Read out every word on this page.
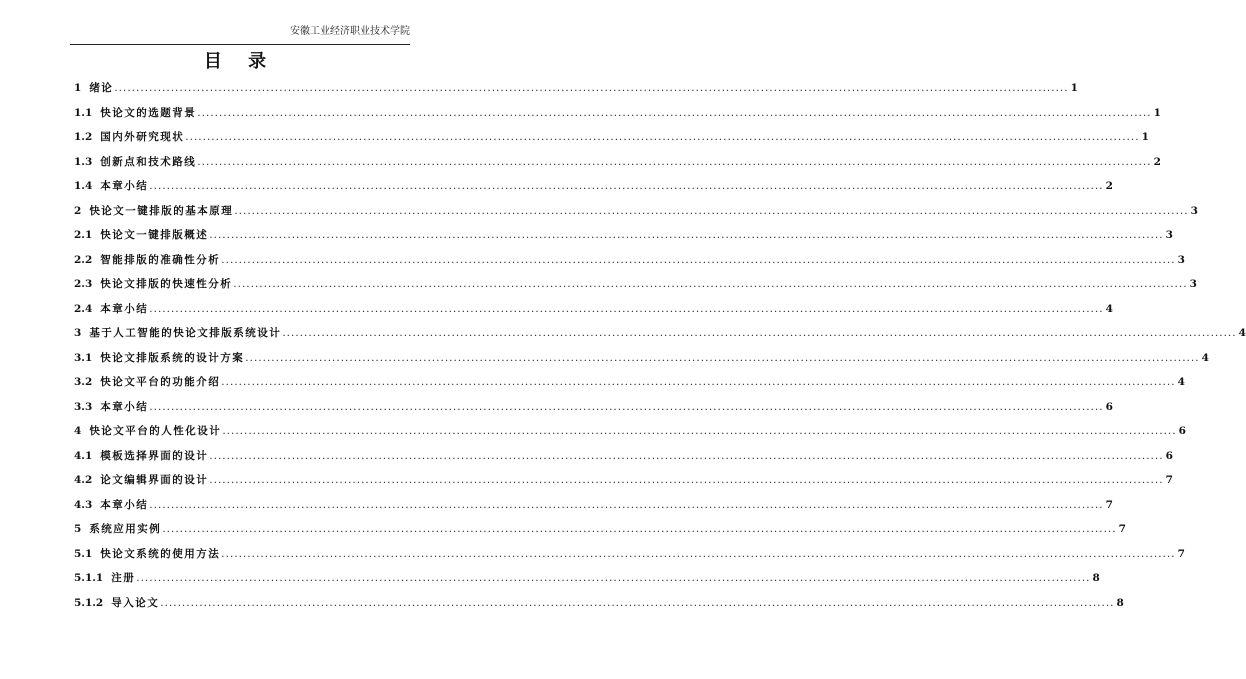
安徽工业经济职业技术学院
目 录
1 绪论 ............................................................................................................................................................................................................................ 1
1.1 快论文的选题背景 ............................................................................................................................................................................................................................ 1
1.2 国内外研究现状 ............................................................................................................................................................................................................................ 1
1.3 创新点和技术路线 ............................................................................................................................................................................................................................ 2
1.4 本章小结 ............................................................................................................................................................................................................................ 2
2 快论文一键排版的基本原理 ............................................................................................................................................................................................................................ 3
2.1 快论文一键排版概述 ............................................................................................................................................................................................................................ 3
2.2 智能排版的准确性分析 ............................................................................................................................................................................................................................ 3
2.3 快论文排版的快速性分析 ............................................................................................................................................................................................................................ 3
2.4 本章小结 ............................................................................................................................................................................................................................ 4
3 基于人工智能的快论文排版系统设计 ............................................................................................................................................................................................................................ 4
3.1 快论文排版系统的设计方案 ............................................................................................................................................................................................................................ 4
3.2 快论文平台的功能介绍 ............................................................................................................................................................................................................................ 4
3.3 本章小结 ............................................................................................................................................................................................................................ 6
4 快论文平台的人性化设计 ............................................................................................................................................................................................................................ 6
4.1 模板选择界面的设计 ............................................................................................................................................................................................................................ 6
4.2 论文编辑界面的设计 ............................................................................................................................................................................................................................ 7
4.3 本章小结 ............................................................................................................................................................................................................................ 7
5 系统应用实例 ............................................................................................................................................................................................................................ 7
5.1 快论文系统的使用方法 ............................................................................................................................................................................................................................ 7
5.1.1 注册 ............................................................................................................................................................................................................................ 8
5.1.2 导入论文 ............................................................................................................................................................................................................................ 8
